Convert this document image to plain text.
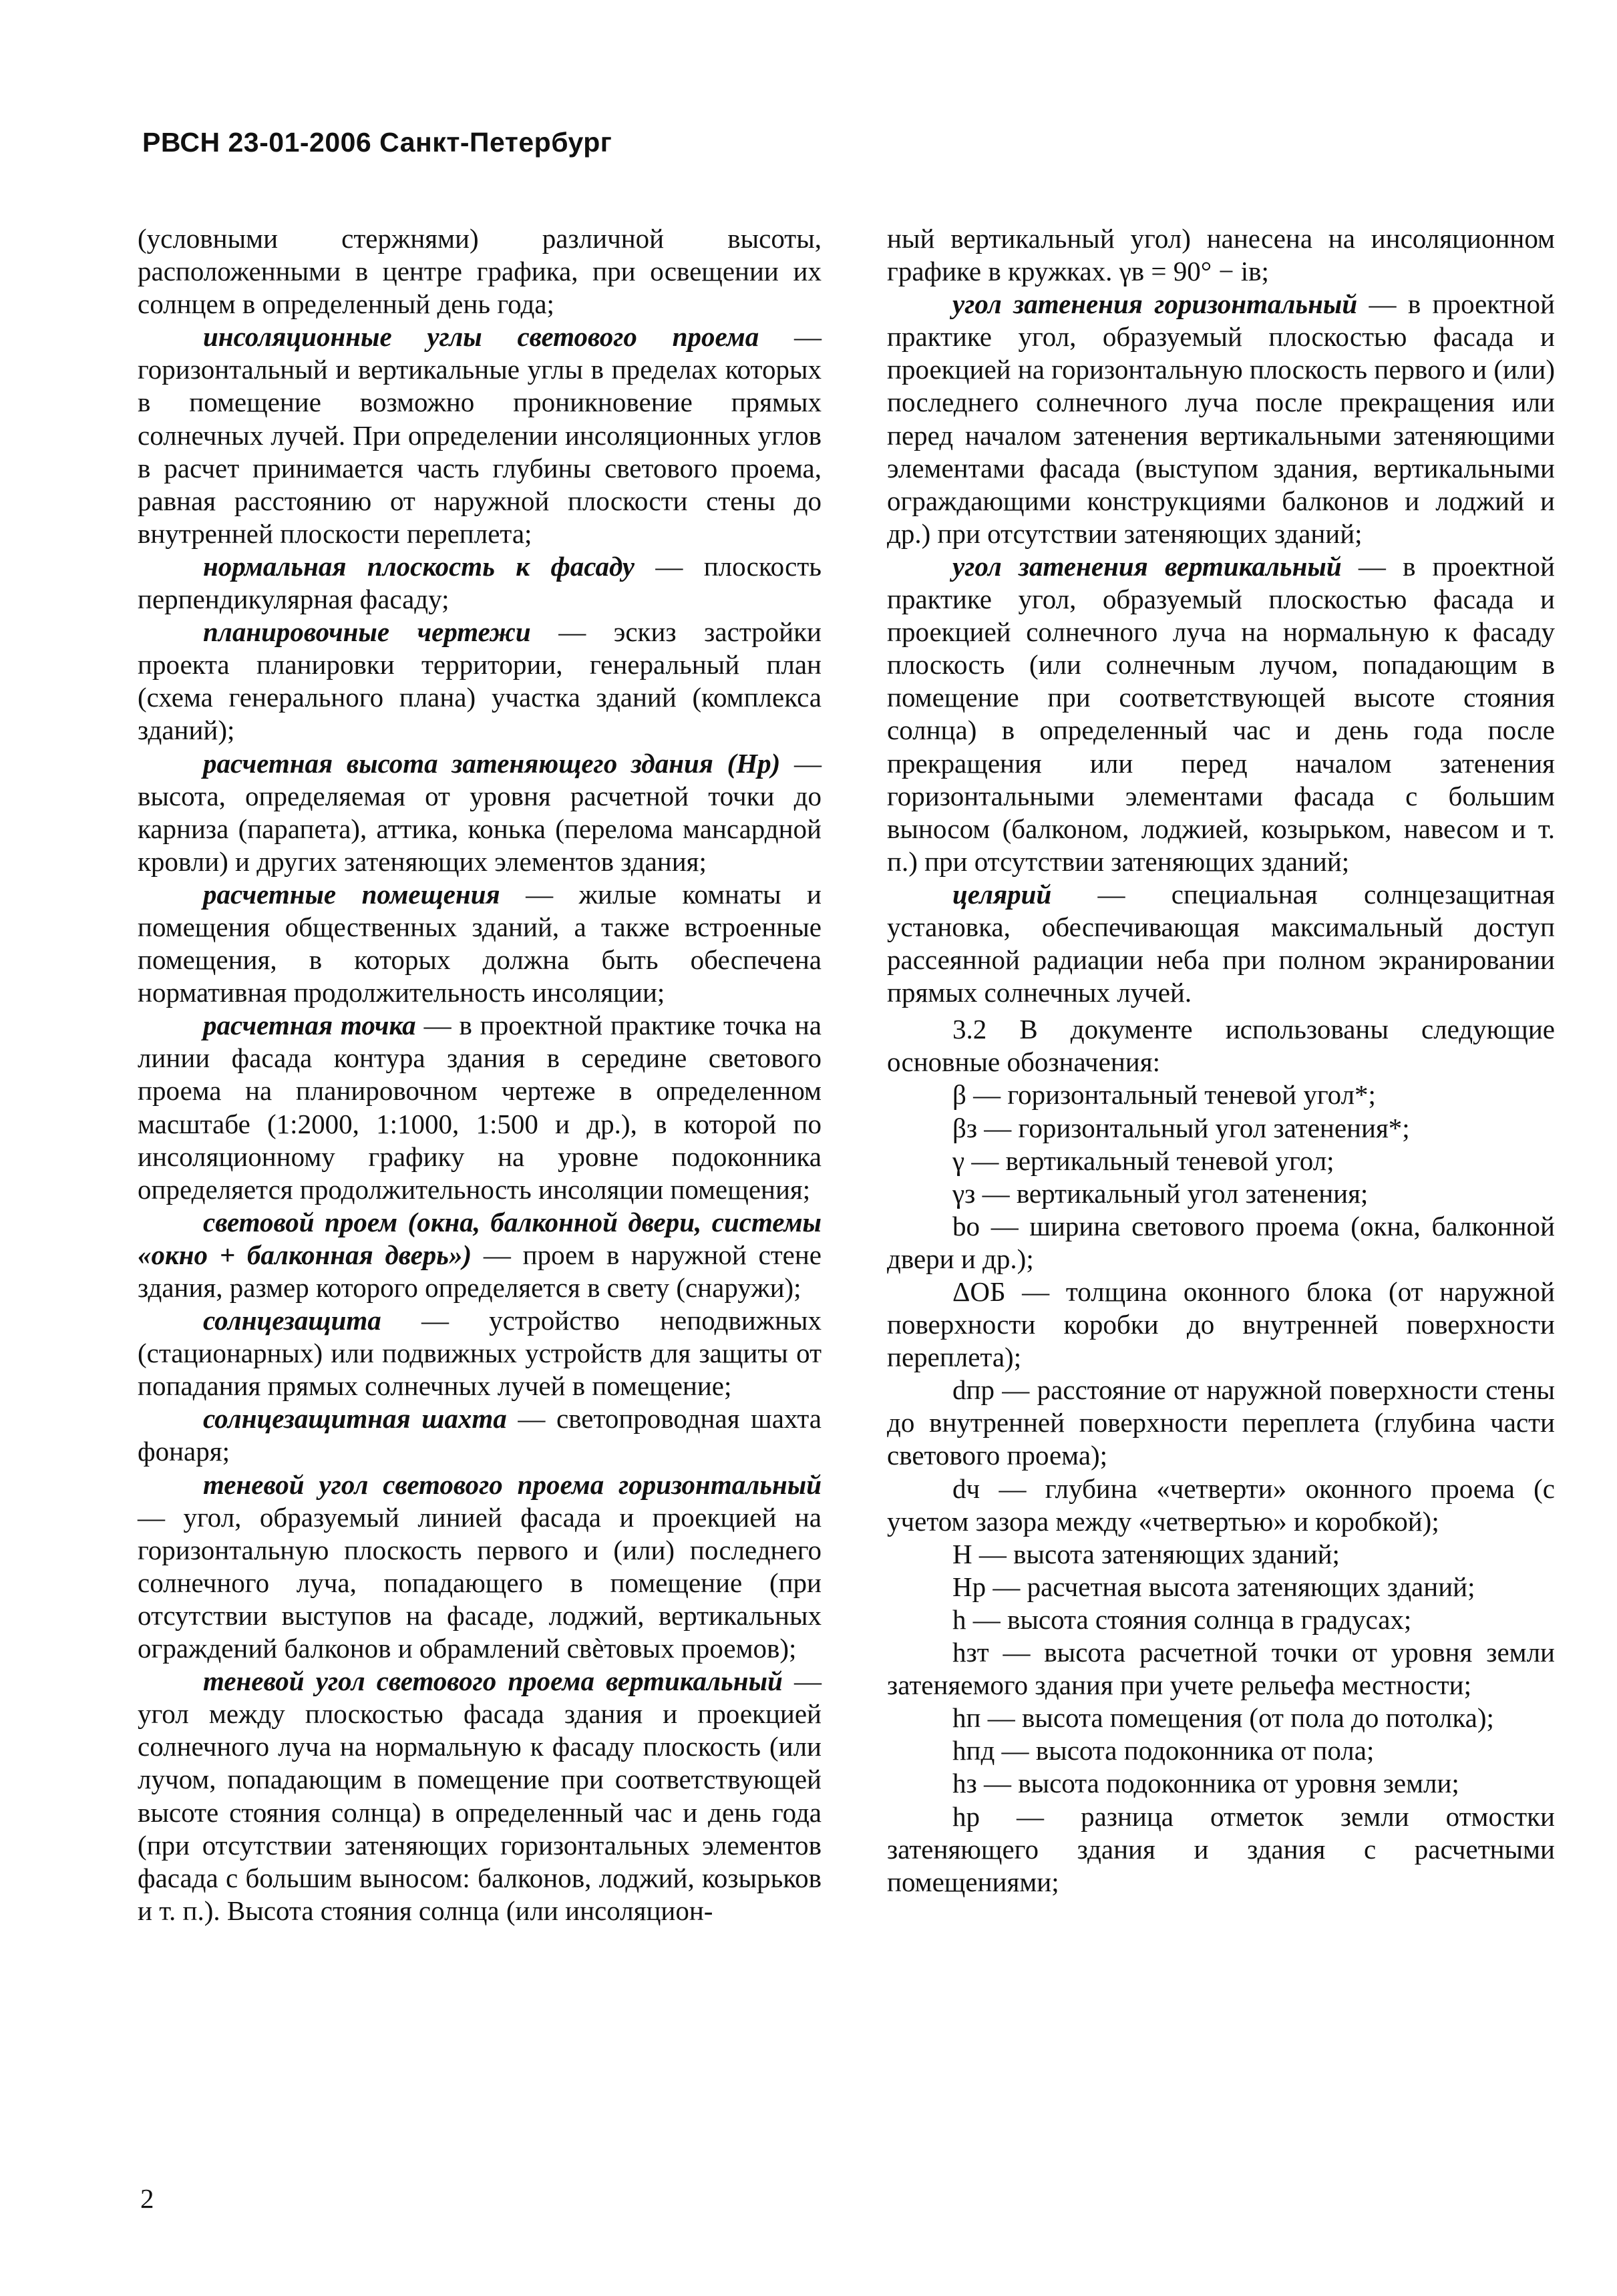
РВСН 23-01-2006 Санкт-Петербург

(условными стержнями) различной высоты, расположенными в центре графика, при освещении их солнцем в определенный день года;

инсоляционные углы светового проема — горизонтальный и вертикальные углы в пределах которых в помещение возможно проникновение прямых солнечных лучей. При определении инсоляционных углов в расчет принимается часть глубины светового проема, равная расстоянию от наружной плоскости стены до внутренней плоскости переплета;

нормальная плоскость к фасаду — плоскость перпендикулярная фасаду;

планировочные чертежи — эскиз застройки проекта планировки территории, генеральный план (схема генерального плана) участка зданий (комплекса зданий);

расчетная высота затеняющего здания (Нр) — высота, определяемая от уровня расчетной точки до карниза (парапета), аттика, конька (перелома мансардной кровли) и других затеняющих элементов здания;

расчетные помещения — жилые комнаты и помещения общественных зданий, а также встроенные помещения, в которых должна быть обеспечена нормативная продолжительность инсоляции;

расчетная точка — в проектной практике точка на линии фасада контура здания в середине светового проема на планировочном чертеже в определенном масштабе (1:2000, 1:1000, 1:500 и др.), в которой по инсоляционному графику на уровне подоконника определяется продолжительность инсоляции помещения;

световой проем (окна, балконной двери, системы «окно + балконная дверь») — проем в наружной стене здания, размер которого определяется в свету (снаружи);

солнцезащита — устройство неподвижных (стационарных) или подвижных устройств для защиты от попадания прямых солнечных лучей в помещение;

солнцезащитная шахта — светопроводная шахта фонаря;

теневой угол светового проема горизонтальный — угол, образуемый линией фасада и проекцией на горизонтальную плоскость первого и (или) последнего солнечного луча, попадающего в помещение (при отсутствии выступов на фасаде, лоджий, вертикальных ограждений балконов и обрамлений свѐтовых проемов);

теневой угол светового проема вертикальный — угол между плоскостью фасада здания и проекцией солнечного луча на нормальную к фасаду плоскость (или лучом, попадающим в помещение при соответствующей высоте стояния солнца) в определенный час и день года (при отсутствии затеняющих горизонтальных элементов фасада с большим выносом: балконов, лоджий, козырьков и т. п.). Высота стояния солнца (или инсоляцион-

ный вертикальный угол) нанесена на инсоляционном графике в кружках. γв = 90° − iв;

угол затенения горизонтальный — в проектной практике угол, образуемый плоскостью фасада и проекцией на горизонтальную плоскость первого и (или) последнего солнечного луча после прекращения или перед началом затенения вертикальными затеняющими элементами фасада (выступом здания, вертикальными ограждающими конструкциями балконов и лоджий и др.) при отсутствии затеняющих зданий;

угол затенения вертикальный — в проектной практике угол, образуемый плоскостью фасада и проекцией солнечного луча на нормальную к фасаду плоскость (или солнечным лучом, попадающим в помещение при соответствующей высоте стояния солнца) в определенный час и день года после прекращения или перед началом затенения горизонтальными элементами фасада с большим выносом (балконом, лоджией, козырьком, навесом и т. п.) при отсутствии затеняющих зданий;

целярий — специальная солнцезащитная установка, обеспечивающая максимальный доступ рассеянной радиации неба при полном экранировании прямых солнечных лучей.

3.2 В документе использованы следующие основные обозначения:

β — горизонтальный теневой угол*;

βз — горизонтальный угол затенения*;

γ — вертикальный теневой угол;

γз — вертикальный угол затенения;

bо — ширина светового проема (окна, балконной двери и др.);

ΔОБ — толщина оконного блока (от наружной поверхности коробки до внутренней поверхности переплета);

dпр — расстояние от наружной поверхности стены до внутренней поверхности переплета (глубина части светового проема);

dч — глубина «четверти» оконного проема (с учетом зазора между «четвертью» и коробкой);

Н — высота затеняющих зданий;

Нр — расчетная высота затеняющих зданий;

h — высота стояния солнца в градусах;

hзт — высота расчетной точки от уровня земли затеняемого здания при учете рельефа местности;

hп — высота помещения (от пола до потолка);

hпд — высота подоконника от пола;

hз — высота подоконника от уровня земли;

hр — разница отметок земли отмостки затеняющего здания и здания с расчетными помещениями;

2
